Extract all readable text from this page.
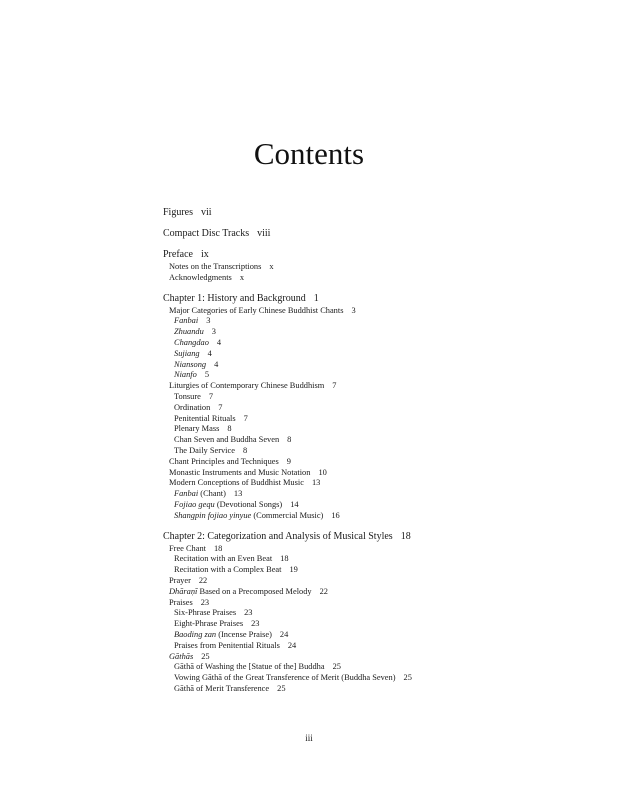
Contents
Figures vii
Compact Disc Tracks viii
Preface ix
Notes on the Transcriptions x
Acknowledgments x
Chapter 1: History and Background 1
Major Categories of Early Chinese Buddhist Chants 3
Fanbai 3
Zhuandu 3
Changdao 4
Sujiang 4
Niansong 4
Nianfo 5
Liturgies of Contemporary Chinese Buddhism 7
Tonsure 7
Ordination 7
Penitential Rituals 7
Plenary Mass 8
Chan Seven and Buddha Seven 8
The Daily Service 8
Chant Principles and Techniques 9
Monastic Instruments and Music Notation 10
Modern Conceptions of Buddhist Music 13
Fanbai (Chant) 13
Fojiao gequ (Devotional Songs) 14
Shangpin fojiao yinyue (Commercial Music) 16
Chapter 2: Categorization and Analysis of Musical Styles 18
Free Chant 18
Recitation with an Even Beat 18
Recitation with a Complex Beat 19
Prayer 22
Dhāraṇī Based on a Precomposed Melody 22
Praises 23
Six-Phrase Praises 23
Eight-Phrase Praises 23
Baoding zan (Incense Praise) 24
Praises from Penitential Rituals 24
Gāthās 25
Gāthā of Washing the [Statue of the] Buddha 25
Vowing Gāthā of the Great Transference of Merit (Buddha Seven) 25
Gāthā of Merit Transference 25
iii
